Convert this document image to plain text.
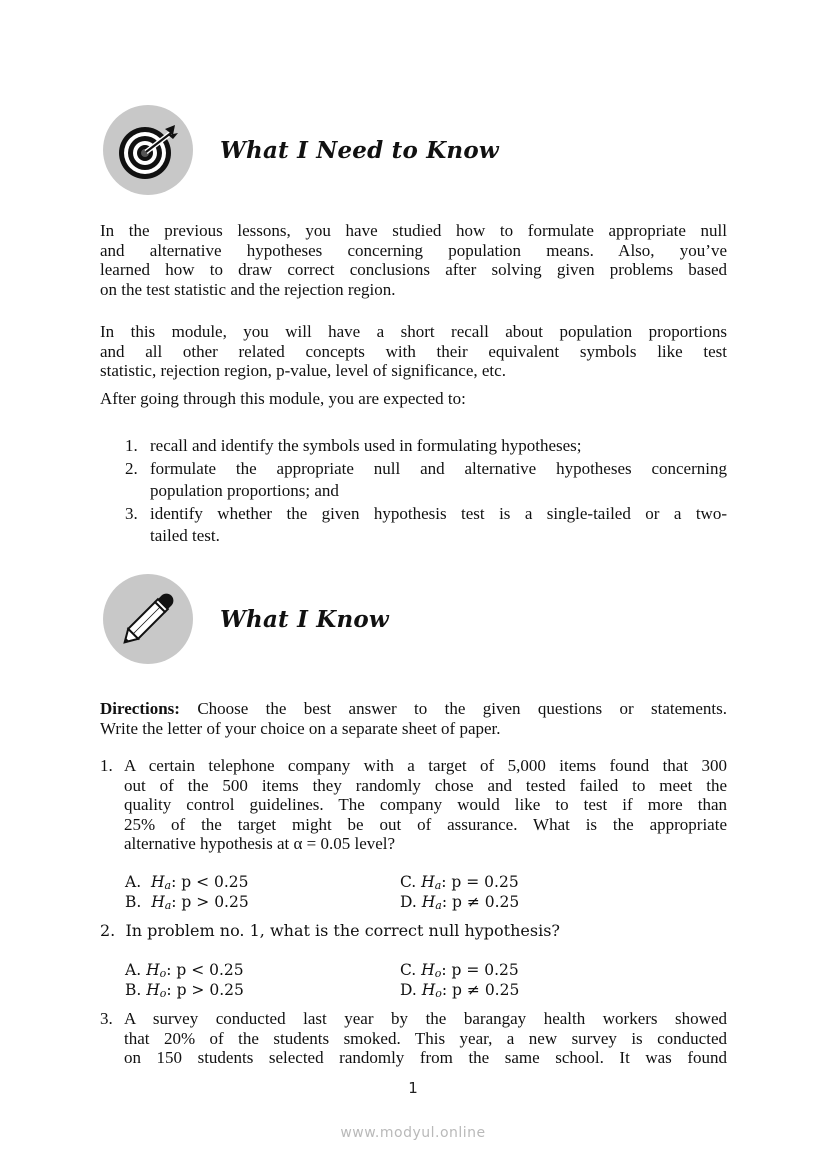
What I Need to Know
In the previous lessons, you have studied how to formulate appropriate null
and alternative hypotheses concerning population means. Also, you’ve
learned how to draw correct conclusions after solving given problems based
on the test statistic and the rejection region.
In this module, you will have a short recall about population proportions
and all other related concepts with their equivalent symbols like test
statistic, rejection region, p-value, level of significance, etc.
After going through this module, you are expected to:
1. recall and identify the symbols used in formulating hypotheses;
2. formulate the appropriate null and alternative hypotheses concerning
population proportions; and
3. identify whether the given hypothesis test is a single-tailed or a two-
tailed test.
What I Know
Directions: Choose the best answer to the given questions or statements.
Write the letter of your choice on a separate sheet of paper.
1. A certain telephone company with a target of 5,000 items found that 300
out of the 500 items they randomly chose and tested failed to meet the
quality control guidelines. The company would like to test if more than
25% of the target might be out of assurance. What is the appropriate
alternative hypothesis at α = 0.05 level?
A. Ha: p < 0.25
B. Ha: p > 0.25
C. Ha: p = 0.25
D. Ha: p ≠ 0.25
2. In problem no. 1, what is the correct null hypothesis?
A. Ho: p < 0.25
B. Ho: p > 0.25
C. Ho: p = 0.25
D. Ho: p ≠ 0.25
3. A survey conducted last year by the barangay health workers showed
that 20% of the students smoked. This year, a new survey is conducted
on 150 students selected randomly from the same school. It was found
1
www.modyul.online
